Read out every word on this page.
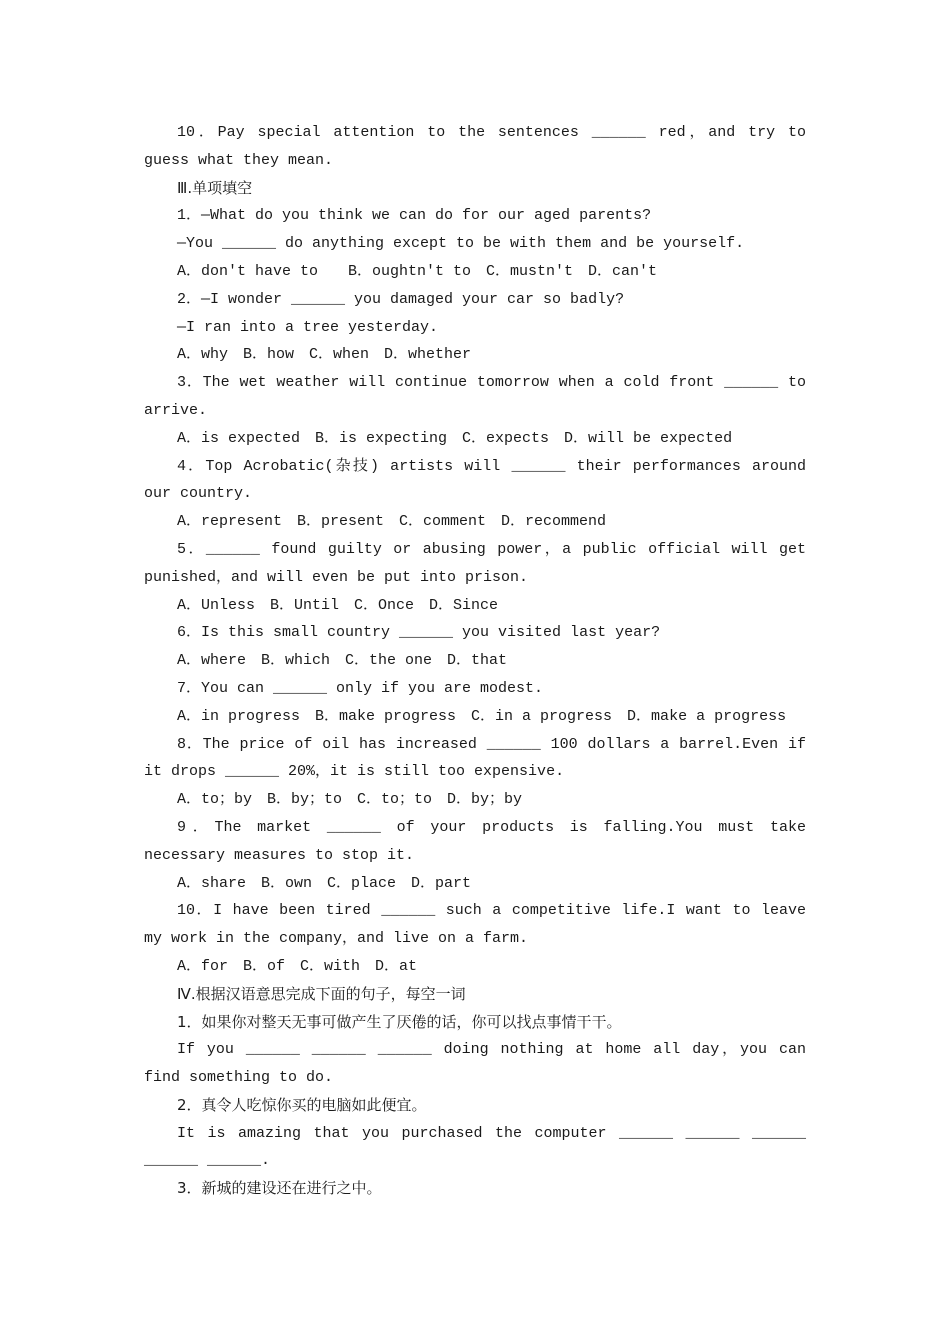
10．Pay special attention to the sentences ______ red，and try to guess what they mean.

Ⅲ.单项填空

1．—What do you think we can do for our aged parents?

—You ______ do anything except to be with them and be yourself.

A．don't have to　　B．oughtn't to　C．mustn't　D．can't

2．—I wonder ______ you damaged your car so badly?

—I ran into a tree yesterday.

A．why　B．how　C．when　D．whether

3．The wet weather will continue tomorrow when a cold front ______ to arrive.

A．is expected　B．is expecting　C．expects　D．will be expected

4．Top Acrobatic(杂技) artists will ______ their performances around our country.

A．represent　B．present　C．comment　D．recommend

5．______ found guilty or abusing power，a public official will get punished，and will even be put into prison.

A．Unless　B．Until　C．Once　D．Since

6．Is this small country ______ you visited last year?

A．where　B．which　C．the one　D．that

7．You can ______ only if you are modest.

A．in progress　B．make progress　C．in a progress　D．make a progress

8．The price of oil has increased ______ 100 dollars a barrel.Even if it drops ______ 20%，it is still too expensive.

A．to；by　B．by；to　C．to；to　D．by；by

9．The market ______ of your products is falling.You must take necessary measures to stop it.

A．share　B．own　C．place　D．part

10．I have been tired ______ such a competitive life.I want to leave my work in the company，and live on a farm.

A．for　B．of　C．with　D．at

Ⅳ.根据汉语意思完成下面的句子，每空一词

1．如果你对整天无事可做产生了厌倦的话，你可以找点事情干干。

If you ______ ______ ______ doing nothing at home all day，you can find something to do.

2．真令人吃惊你买的电脑如此便宜。

It is amazing that you purchased the computer ______ ______ ______ ______ ______.

3．新城的建设还在进行之中。
